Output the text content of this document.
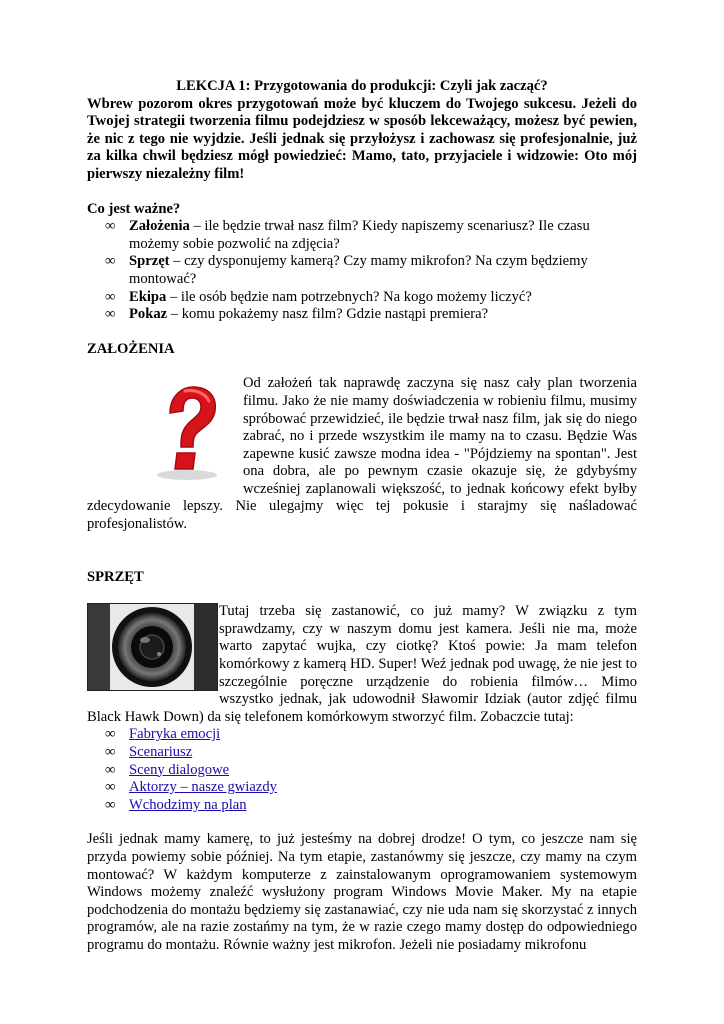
LEKCJA 1: Przygotowania do produkcji: Czyli jak zacząć?

Wbrew pozorom okres przygotowań może być kluczem do Twojego sukcesu. Jeżeli do Twojej strategii tworzenia filmu podejdziesz w sposób lekceważący, możesz być pewien, że nic z tego nie wyjdzie. Jeśli jednak się przyłożysz i zachowasz się profesjonalnie, już za kilka chwil będziesz mógł powiedzieć: Mamo, tato, przyjaciele i widzowie: Oto mój pierwszy niezależny film!

Co jest ważne?

∞ Założenia – ile będzie trwał nasz film? Kiedy napiszemy scenariusz? Ile czasu możemy sobie pozwolić na zdjęcia?
∞ Sprzęt – czy dysponujemy kamerą? Czy mamy mikrofon? Na czym będziemy montować?
∞ Ekipa – ile osób będzie nam potrzebnych? Na kogo możemy liczyć?
∞ Pokaz – komu pokażemy nasz film? Gdzie nastąpi premiera?
ZAŁOŻENIA

Od założeń tak naprawdę zaczyna się nasz cały plan tworzenia filmu. Jako że nie mamy doświadczenia w robieniu filmu, musimy spróbować przewidzieć, ile będzie trwał nasz film, jak się do niego zabrać, no i przede wszystkim ile mamy na to czasu. Będzie Was zapewne kusić zawsze modna idea - "Pójdziemy na spontan". Jest ona dobra, ale po pewnym czasie okazuje się, że gdybyśmy wcześniej zaplanowali większość, to jednak końcowy efekt byłby zdecydowanie lepszy. Nie ulegajmy więc tej pokusie i starajmy się naśladować profesjonalistów.

SPRZĘT

Tutaj trzeba się zastanowić, co już mamy? W związku z tym sprawdzamy, czy w naszym domu jest kamera. Jeśli nie ma, może warto zapytać wujka, czy ciotkę? Ktoś powie: Ja mam telefon komórkowy z kamerą HD. Super! Weź jednak pod uwagę, że nie jest to szczególnie poręczne urządzenie do robienia filmów… Mimo wszystko jednak, jak udowodnił Sławomir Idziak (autor zdjęć filmu Black Hawk Down) da się telefonem komórkowym stworzyć film. Zobaczcie tutaj:

∞ Fabryka emocji
∞ Scenariusz
∞ Sceny dialogowe
∞ Aktorzy – nasze gwiazdy
∞ Wchodzimy na plan

Jeśli jednak mamy kamerę, to już jesteśmy na dobrej drodze! O tym, co jeszcze nam się przyda powiemy sobie później. Na tym etapie, zastanówmy się jeszcze, czy mamy na czym montować? W każdym komputerze z zainstalowanym oprogramowaniem systemowym Windows możemy znaleźć wysłużony program Windows Movie Maker. My na etapie podchodzenia do montażu będziemy się zastanawiać, czy nie uda nam się skorzystać z innych programów, ale na razie zostańmy na tym, że w razie czego mamy dostęp do odpowiedniego programu do montażu. Równie ważny jest mikrofon. Jeżeli nie posiadamy mikrofonu
